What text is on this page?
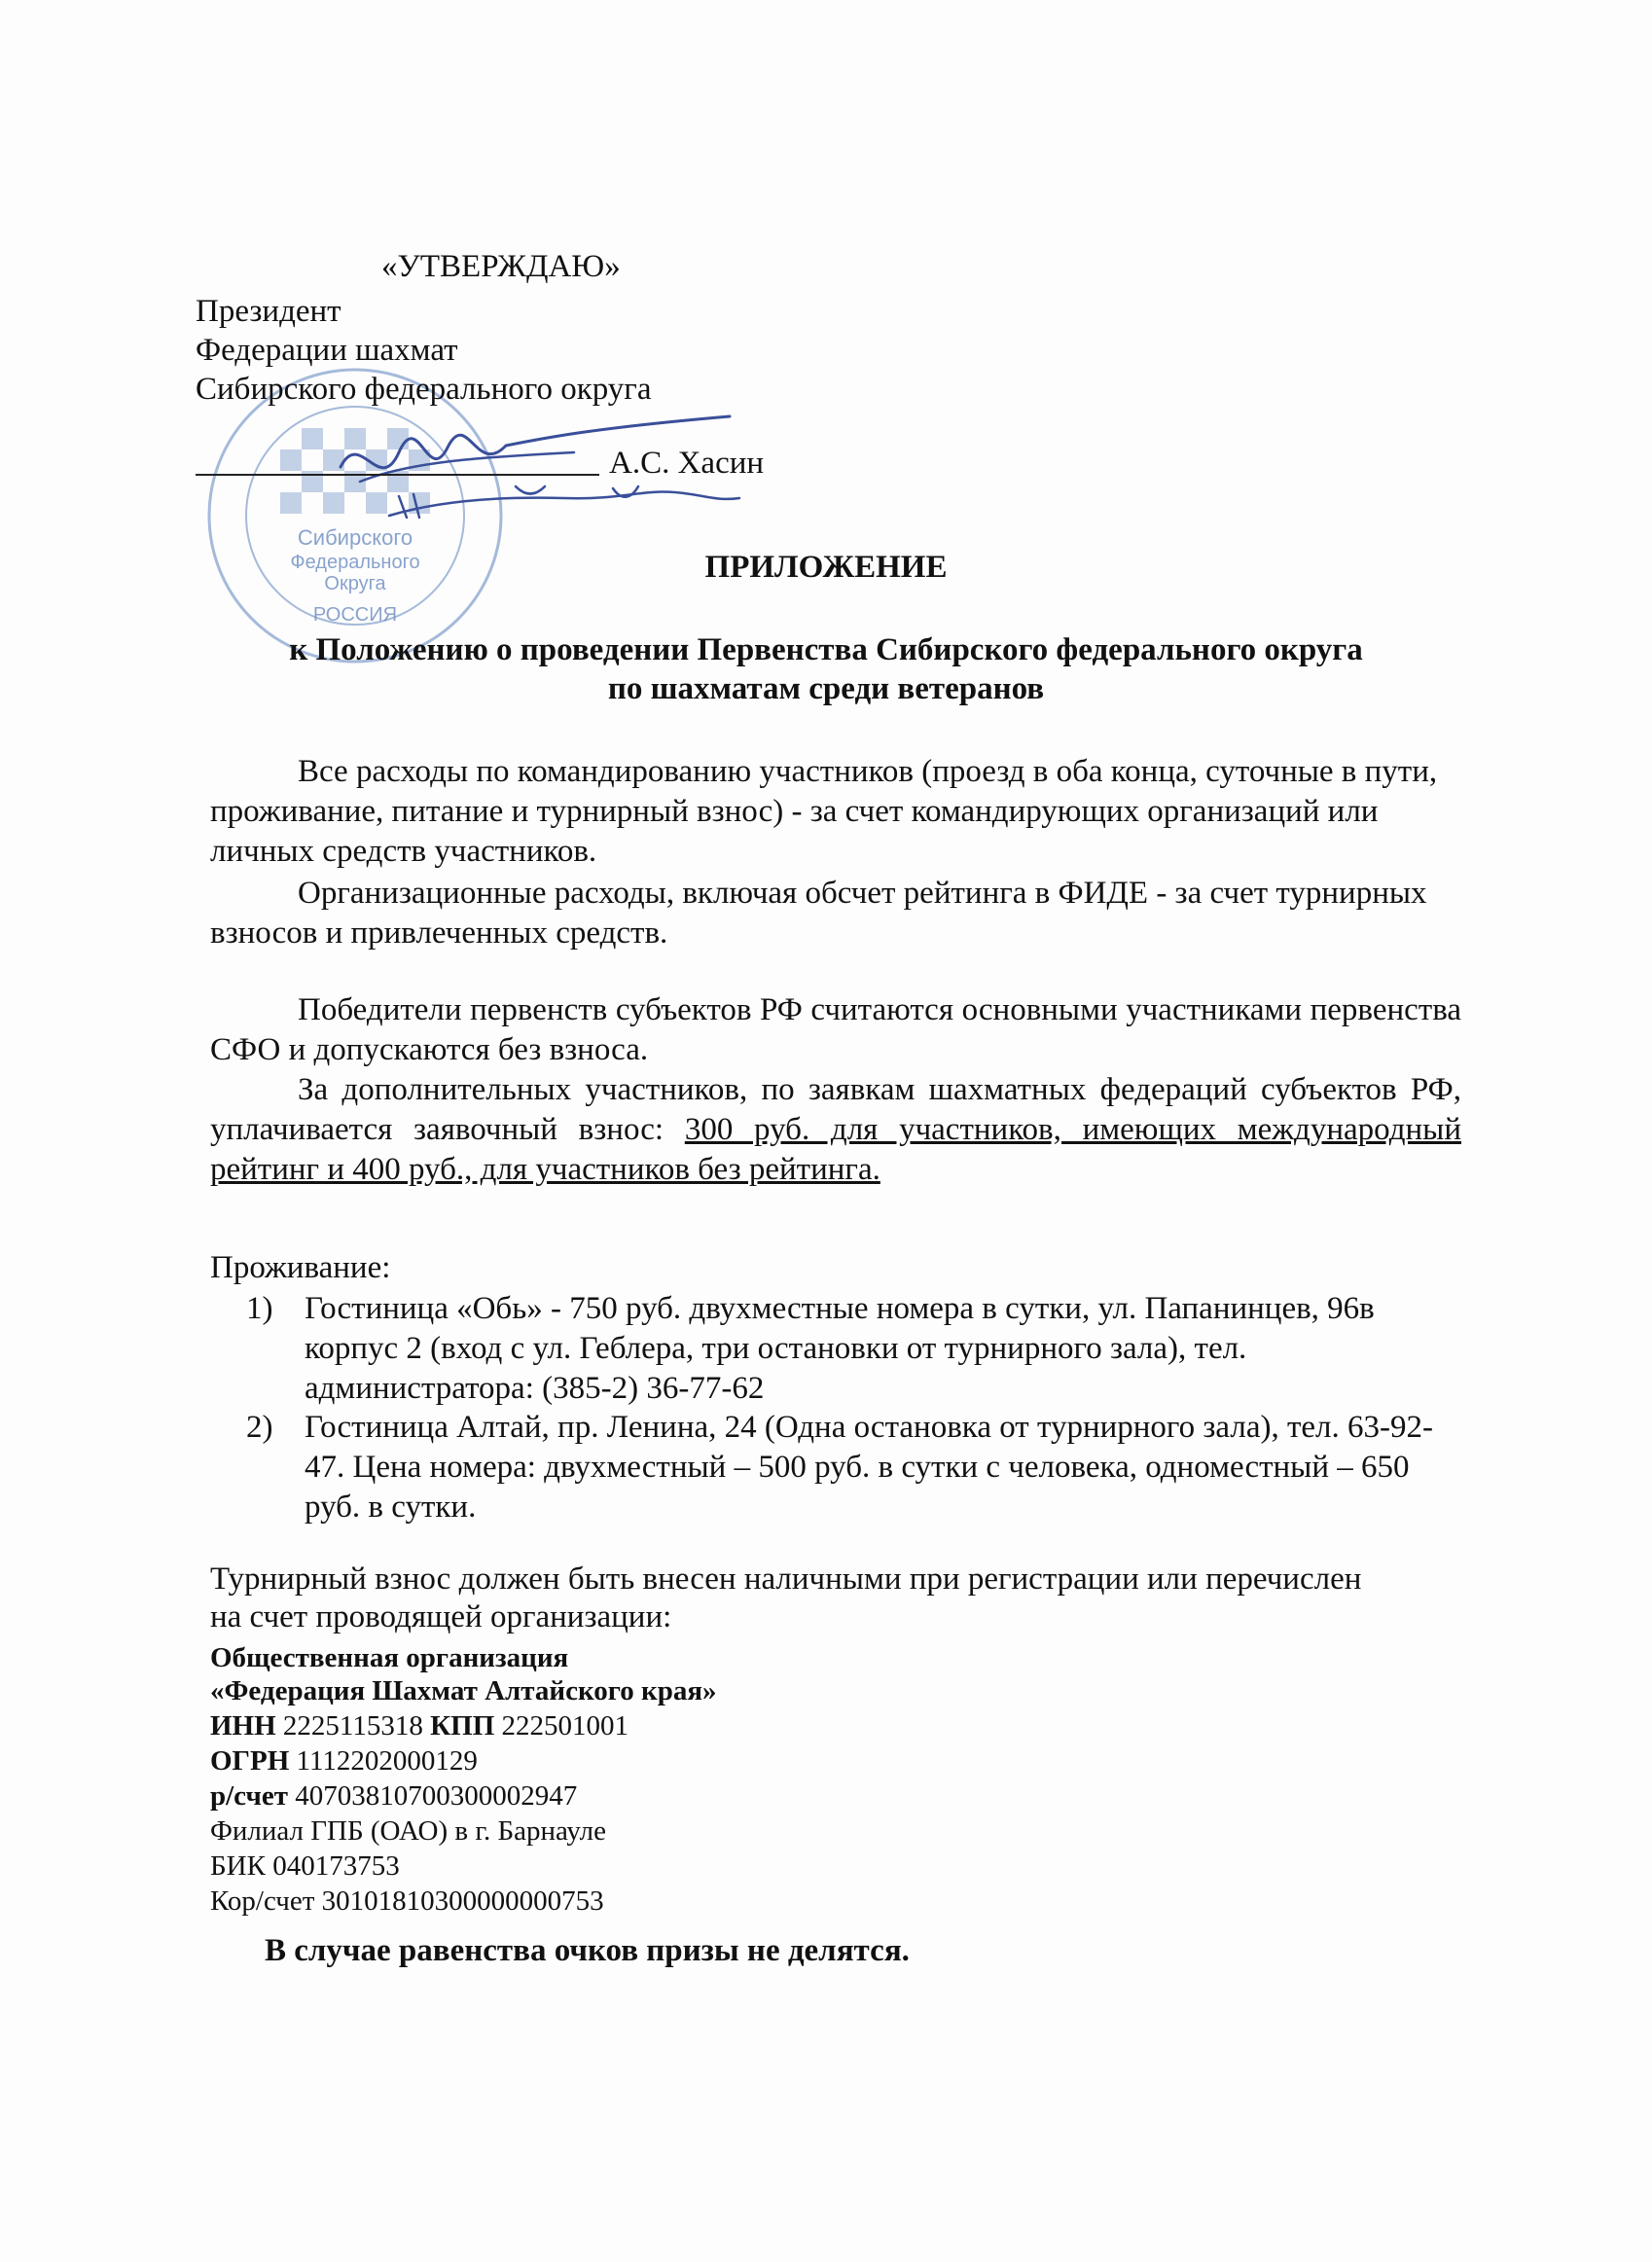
Сибирского
Федерального
Округа
РОССИЯ
«УТВЕРЖДАЮ»
Президент
Федерации шахмат
Сибирского федерального округа
А.С. Хасин
ПРИЛОЖЕНИЕ
к Положению о проведении Первенства Сибирского федерального округа
по шахматам среди ветеранов
Все расходы по командированию участников (проезд в оба конца, суточные в пути, проживание, питание и турнирный взнос) - за счет командирующих организаций или личных средств участников.
Организационные расходы, включая обсчет рейтинга в ФИДЕ - за счет турнирных взносов и привлеченных средств.
Победители первенств субъектов РФ считаются основными участниками первенства СФО и допускаются без взноса.
За дополнительных участников, по заявкам шахматных федераций субъектов РФ, уплачивается заявочный взнос: 300 руб. для участников, имеющих международный рейтинг и 400 руб., для участников без рейтинга.
Проживание:
1) Гостиница «Обь» - 750 руб. двухместные номера в сутки, ул. Папанинцев, 96в корпус 2 (вход с ул. Геблера, три остановки от турнирного зала), тел. администратора: (385-2) 36-77-62
2) Гостиница Алтай, пр. Ленина, 24 (Одна остановка от турнирного зала), тел. 63-92-47. Цена номера: двухместный – 500 руб. в сутки с человека, одноместный – 650 руб. в сутки.
Турнирный взнос должен быть внесен наличными при регистрации или перечислен
на счет проводящей организации:
Общественная организация
«Федерация Шахмат Алтайского края»
ИНН 2225115318 КПП 222501001
ОГРН 1112202000129
р/счет 40703810700300002947
Филиал ГПБ (ОАО) в г. Барнауле
БИК 040173753
Кор/счет 30101810300000000753
В случае равенства очков призы не делятся.
